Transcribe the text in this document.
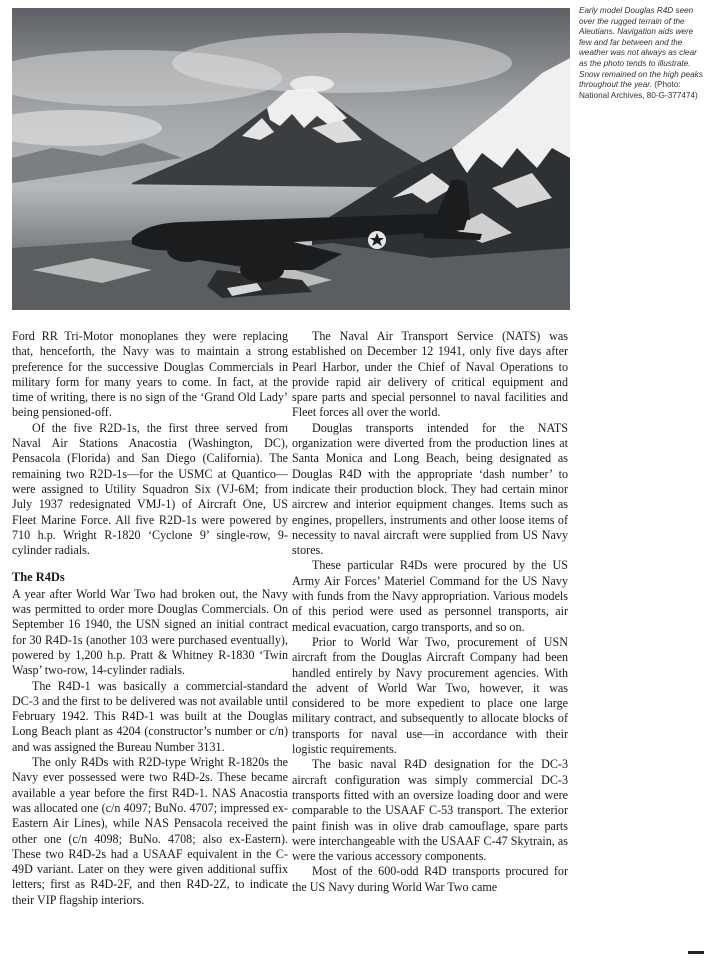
Early model Douglas R4D seen over the rugged terrain of the Aleutians. Navigation aids were few and far between and the weather was not always as clear as the photo tends to illustrate. Snow remained on the high peaks throughout the year. (Photo: National Archives, 80-G-377474)

Ford RR Tri-Motor monoplanes they were replacing that, henceforth, the Navy was to maintain a strong preference for the successive Douglas Commercials in military form for many years to come. In fact, at the time of writing, there is no sign of the ‘Grand Old Lady’ being pensioned-off.

Of the five R2D-1s, the first three served from Naval Air Stations Anacostia (Washington, DC), Pensacola (Florida) and San Diego (California). The remaining two R2D-1s—for the USMC at Quantico—were assigned to Utility Squadron Six (VJ-6M; from July 1937 redesignated VMJ-1) of Aircraft One, US Fleet Marine Force. All five R2D-1s were powered by 710 h.p. Wright R-1820 ‘Cyclone 9’ single-row, 9-cylinder radials.

The R4Ds

A year after World War Two had broken out, the Navy was permitted to order more Douglas Commercials. On September 16 1940, the USN signed an initial contract for 30 R4D-1s (another 103 were purchased eventually), powered by 1,200 h.p. Pratt & Whitney R-1830 ‘Twin Wasp’ two-row, 14-cylinder radials.

The R4D-1 was basically a commercial-standard DC-3 and the first to be delivered was not available until February 1942. This R4D-1 was built at the Douglas Long Beach plant as 4204 (constructor’s number or c/n) and was assigned the Bureau Number 3131.

The only R4Ds with R2D-type Wright R-1820s the Navy ever possessed were two R4D-2s. These became available a year before the first R4D-1. NAS Anacostia was allocated one (c/n 4097; BuNo. 4707; impressed ex-Eastern Air Lines), while NAS Pensacola received the other one (c/n 4098; BuNo. 4708; also ex-Eastern). These two R4D-2s had a USAAF equivalent in the C-49D variant. Later on they were given additional suffix letters; first as R4D-2F, and then R4D-2Z, to indicate their VIP flagship interiors.

The Naval Air Transport Service (NATS) was established on December 12 1941, only five days after Pearl Harbor, under the Chief of Naval Operations to provide rapid air delivery of critical equipment and spare parts and special personnel to naval facilities and Fleet forces all over the world.

Douglas transports intended for the NATS organization were diverted from the production lines at Santa Monica and Long Beach, being designated as Douglas R4D with the appropriate ‘dash number’ to indicate their production block. They had certain minor aircrew and interior equipment changes. Items such as engines, propellers, instruments and other loose items of necessity to naval aircraft were supplied from US Navy stores.

These particular R4Ds were procured by the US Army Air Forces’ Materiel Command for the US Navy with funds from the Navy appropriation. Various models of this period were used as personnel transports, air medical evacuation, cargo transports, and so on.

Prior to World War Two, procurement of USN aircraft from the Douglas Aircraft Company had been handled entirely by Navy procurement agencies. With the advent of World War Two, however, it was considered to be more expedient to place one large military contract, and subsequently to allocate blocks of transports for naval use—in accordance with their logistic requirements.

The basic naval R4D designation for the DC-3 aircraft configuration was simply commercial DC-3 transports fitted with an oversize loading door and were comparable to the USAAF C-53 transport. The exterior paint finish was in olive drab camouflage, spare parts were interchangeable with the USAAF C-47 Skytrain, as were the various accessory components.

Most of the 600-odd R4D transports procured for the US Navy during World War Two came
